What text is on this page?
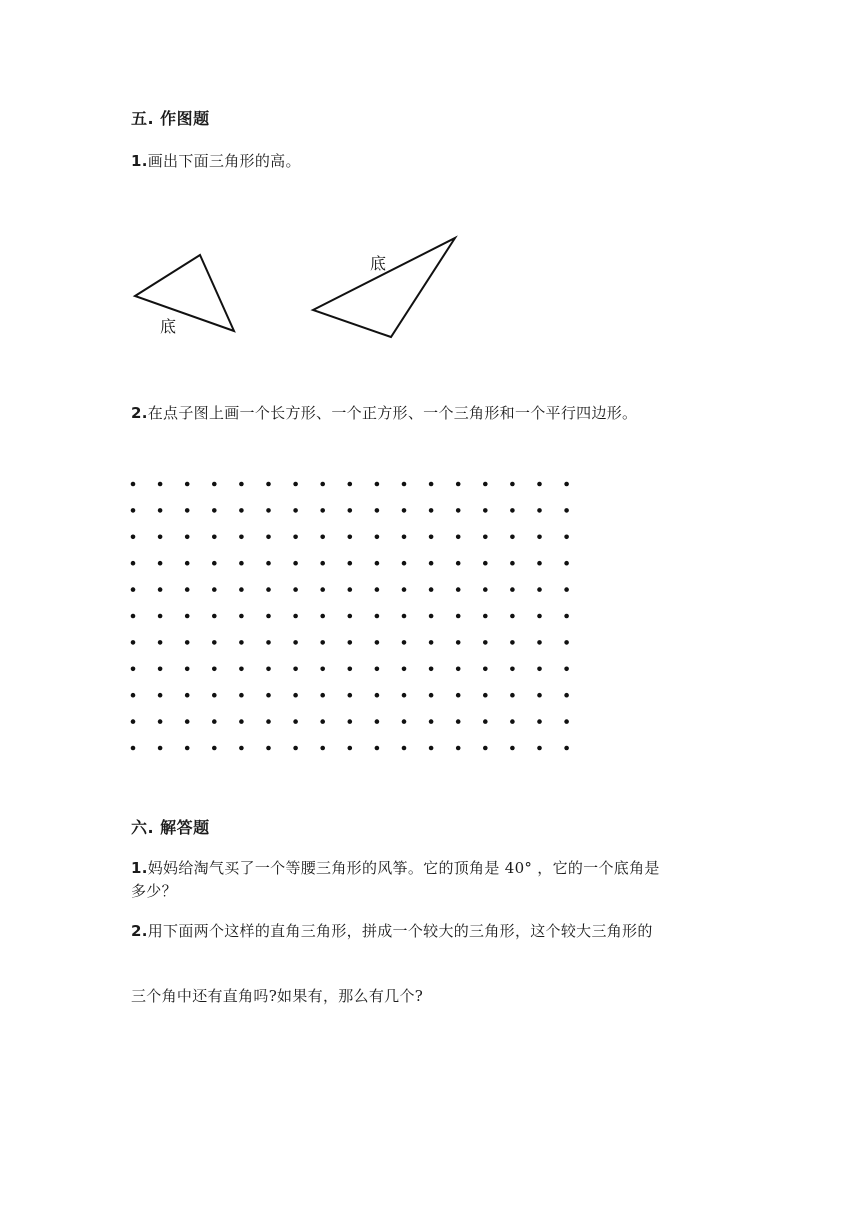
五. 作图题
1.画出下面三角形的高。
底
底
2.在点子图上画一个长方形、一个正方形、一个三角形和一个平行四边形。
六. 解答题
1.妈妈给淘气买了一个等腰三角形的风筝。它的顶角是 40° ，它的一个底角是
多少？
2.用下面两个这样的直角三角形，拼成一个较大的三角形，这个较大三角形的
三个角中还有直角吗?如果有，那么有几个?
